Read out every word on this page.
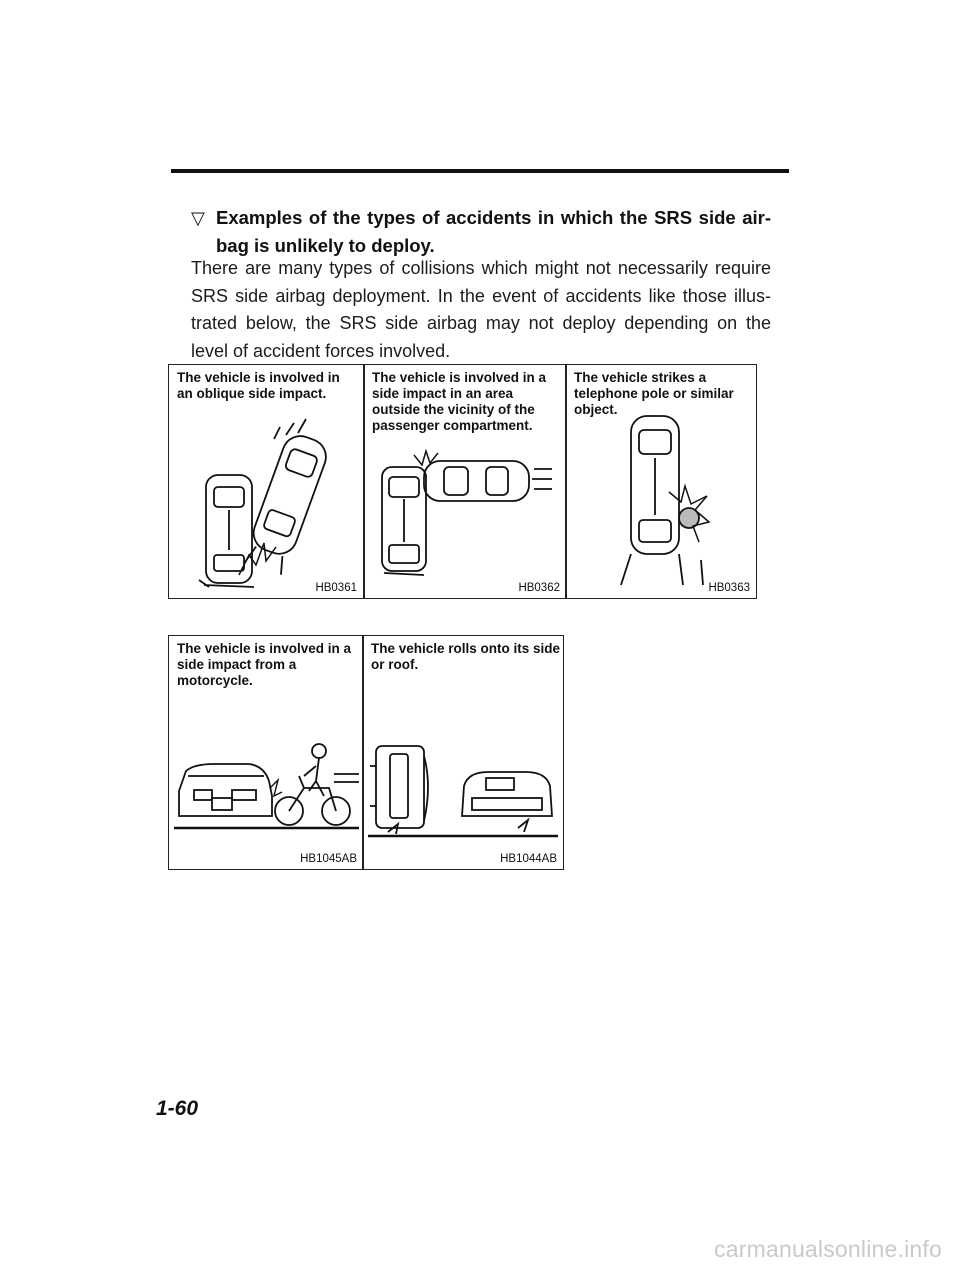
▽ Examples of the types of accidents in which the SRS side air-bag is unlikely to deploy.

There are many types of collisions which might not necessarily require SRS side airbag deployment. In the event of accidents like those illus-trated below, the SRS side airbag may not deploy depending on the level of accident forces involved.

The vehicle is involved in an oblique side impact.
HB0361
The vehicle is involved in a side impact in an area outside the vicinity of the passenger compartment.
HB0362
The vehicle strikes a telephone pole or similar object.
HB0363
The vehicle is involved in a side impact from a motorcycle.
HB1045AB
The vehicle rolls onto its side or roof.
HB1044AB
1-60
carmanualsonline.info
